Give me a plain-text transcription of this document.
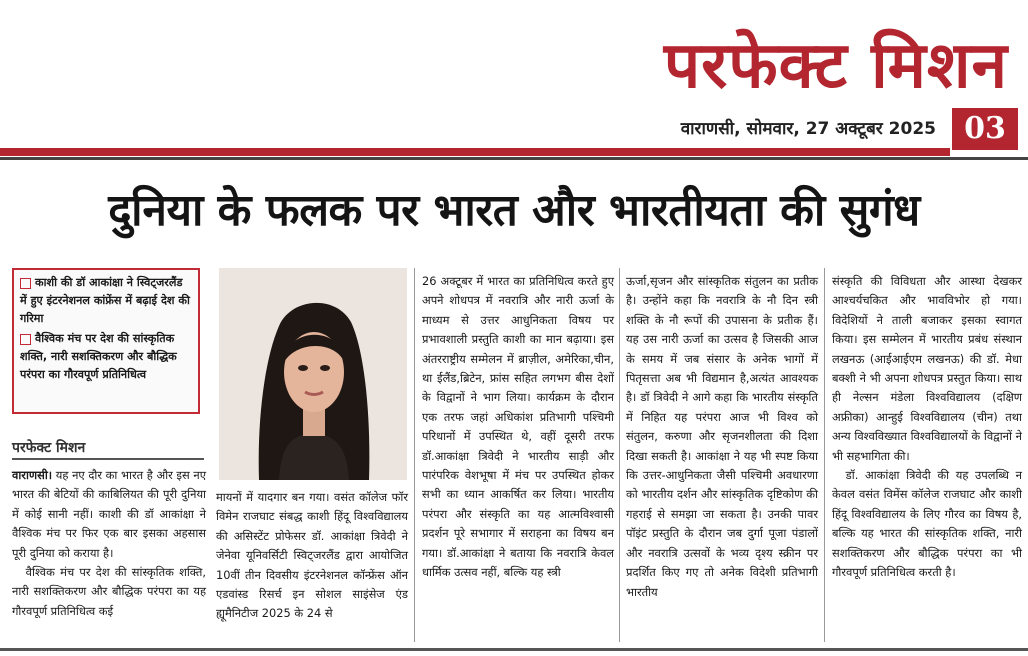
परफेक्ट मिशन
वाराणसी, सोमवार, 27 अक्टूबर 2025 03
दुनिया के फलक पर भारत और भारतीयता की सुगंध
काशी की डॉ आकांक्षा ने स्विट्जरलैंड में हुए इंटरनेशनल कांफ्रेंस में बढ़ाई देश की गरिमा
वैश्विक मंच पर देश की सांस्कृतिक शक्ति, नारी सशक्तिकरण और बौद्धिक परंपरा का गौरवपूर्ण प्रतिनिधित्व
परफेक्ट मिशन

वाराणसी। यह नए दौर का भारत है और इस नए भारत की बेटियों की काबिलियत की पूरी दुनिया में कोई सानी नहीं। काशी की डॉ आकांक्षा ने वैश्विक मंच पर फिर एक बार इसका अहसास पूरी दुनिया को कराया है।

वैश्विक मंच पर देश की सांस्कृतिक शक्ति, नारी सशक्तिकरण और बौद्धिक परंपरा का यह गौरवपूर्ण प्रतिनिधित्व कई

मायनों में यादगार बन गया। वसंत कॉलेज फॉर विमेन राजघाट संबद्ध काशी हिंदू विश्वविद्यालय की असिस्टेंट प्रोफेसर डॉ. आकांक्षा त्रिवेदी ने जेनेवा यूनिवर्सिटी स्विट्जरलैंड द्वारा आयोजित 10वीं तीन दिवसीय इंटरनेशनल कॉन्फ्रेंस ऑन एडवांस्ड रिसर्च इन सोशल साइंसेज एंड ह्यूमैनिटीज 2025 के 24 से

26 अक्टूबर में भारत का प्रतिनिधित्व करते हुए अपने शोधपत्र में नवरात्रि और नारी ऊर्जा के माध्यम से उत्तर आधुनिकता विषय पर प्रभावशाली प्रस्तुति काशी का मान बढ़ाया। इस अंतरराष्ट्रीय सम्मेलन में ब्राज़ील, अमेरिका,चीन, था ईलैंड,ब्रिटेन, फ्रांस सहित लगभग बीस देशों के विद्वानों ने भाग लिया। कार्यक्रम के दौरान एक तरफ जहां अधिकांश प्रतिभागी पश्चिमी परिधानों में उपस्थित थे, वहीं दूसरी तरफ डॉ.आकांक्षा त्रिवेदी ने भारतीय साड़ी और पारंपरिक वेशभूषा में मंच पर उपस्थित होकर सभी का ध्यान आकर्षित कर लिया। भारतीय परंपरा और संस्कृति का यह आत्मविश्वासी प्रदर्शन पूरे सभागार में सराहना का विषय बन गया। डॉ.आकांक्षा ने बताया कि नवरात्रि केवल धार्मिक उत्सव नहीं, बल्कि यह स्त्री

ऊर्जा,सृजन और सांस्कृतिक संतुलन का प्रतीक है। उन्होंने कहा कि नवरात्रि के नौ दिन स्त्री शक्ति के नौ रूपों की उपासना के प्रतीक हैं। यह उस नारी ऊर्जा का उत्सव है जिसकी आज के समय में जब संसार के अनेक भागों में पितृसत्ता अब भी विद्यमान है,अत्यंत आवश्यक है। डॉ त्रिवेदी ने आगे कहा कि भारतीय संस्कृति में निहित यह परंपरा आज भी विश्व को संतुलन, करुणा और सृजनशीलता की दिशा दिखा सकती है। आकांक्षा ने यह भी स्पष्ट किया कि उत्तर-आधुनिकता जैसी पश्चिमी अवधारणा को भारतीय दर्शन और सांस्कृतिक दृष्टिकोण की गहराई से समझा जा सकता है। उनकी पावर पॉइंट प्रस्तुति के दौरान जब दुर्गा पूजा पंडालों और नवरात्रि उत्सवों के भव्य दृश्य स्क्रीन पर प्रदर्शित किए गए तो अनेक विदेशी प्रतिभागी भारतीय

संस्कृति की विविधता और आस्था देखकर आश्चर्यचकित और भावविभोर हो गया। विदेशियों ने ताली बजाकर इसका स्वागत किया। इस सम्मेलन में भारतीय प्रबंध संस्थान लखनऊ (आईआईएम लखनऊ) की डॉ. मेधा बक्शी ने भी अपना शोधपत्र प्रस्तुत किया। साथ ही नेल्सन मंडेला विश्वविद्यालय (दक्षिण अफ्रीका) आन्हुई विश्वविद्यालय (चीन) तथा अन्य विश्वविख्यात विश्वविद्यालयों के विद्वानों ने भी सहभागिता की।

डॉ. आकांक्षा त्रिवेदी की यह उपलब्धि न केवल वसंत विमेंस कॉलेज राजघाट और काशी हिंदू विश्वविद्यालय के लिए गौरव का विषय है, बल्कि यह भारत की सांस्कृतिक शक्ति, नारी सशक्तिकरण और बौद्धिक परंपरा का भी गौरवपूर्ण प्रतिनिधित्व करती है।
